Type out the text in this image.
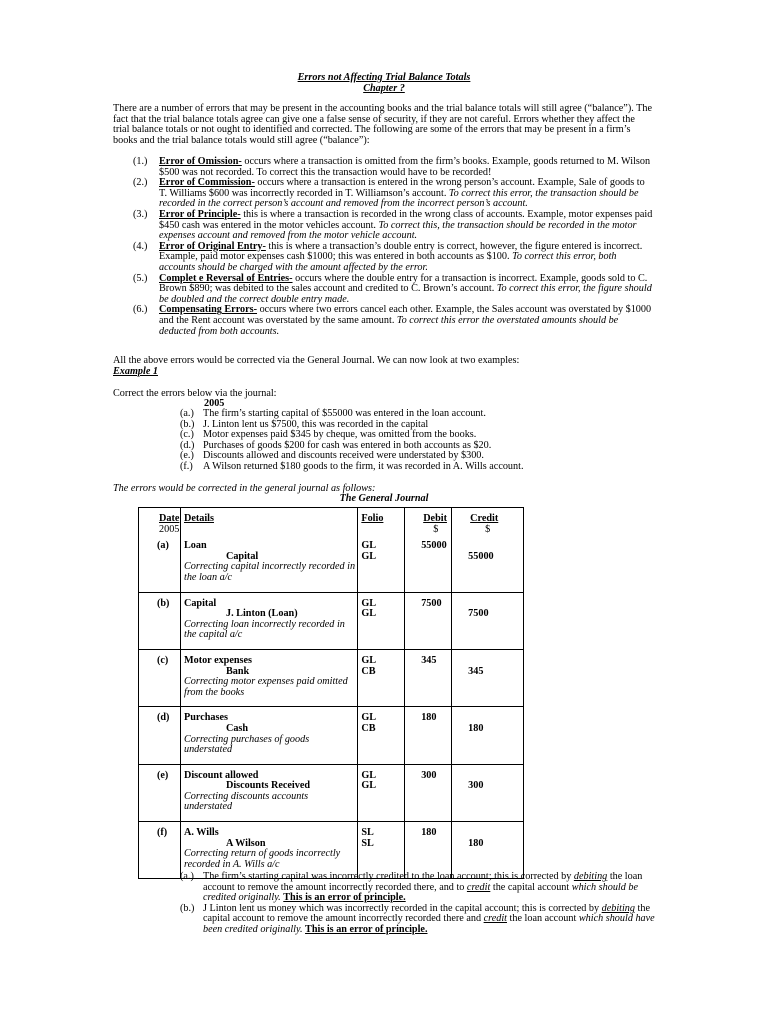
Errors not Affecting Trial Balance Totals
Chapter ?
There are a number of errors that may be present in the accounting books and the trial balance totals will still agree (“balance”). The fact that the trial balance totals agree can give one a false sense of security, if they are not careful. Errors whether they affect the trial balance totals or not ought to identified and corrected. The following are some of the errors that may be present in a firm’s books and the trial balance totals would still agree (“balance”):
(1.) Error of Omission- occurs where a transaction is omitted from the firm’s books. Example, goods returned to M. Wilson $500 was not recorded. To correct this the transaction would have to be recorded!
(2.) Error of Commission- occurs where a transaction is entered in the wrong person’s account. Example, Sale of goods to T. Williams $600 was incorrectly recorded in T. Williamson’s account. To correct this error, the transaction should be recorded in the correct person’s account and removed from the incorrect person’s account.
(3.) Error of Principle- this is where a transaction is recorded in the wrong class of accounts. Example, motor expenses paid $450 cash was entered in the motor vehicles account. To correct this, the transaction should be recorded in the motor expenses account and removed from the motor vehicle account.
(4.) Error of Original Entry- this is where a transaction’s double entry is correct, however, the figure entered is incorrect. Example, paid motor expenses cash $1000; this was entered in both accounts as $100. To correct this error, both accounts should be charged with the amount affected by the error.
(5.) Complet e Reversal of Entries- occurs where the double entry for a transaction is incorrect. Example, goods sold to C. Brown $890; was debited to the sales account and credited to C. Brown’s account. To correct this error, the figure should be doubled and the correct double entry made.
(6.) Compensating Errors- occurs where two errors cancel each other. Example, the Sales account was overstated by $1000 and the Rent account was overstated by the same amount. To correct this error the overstated amounts should be deducted from both accounts.
All the above errors would be corrected via the General Journal. We can now look at two examples:
Example 1
Correct the errors below via the journal:
2005
(a.) The firm’s starting capital of $55000 was entered in the loan account.
(b.) J. Linton lent us $7500, this was recorded in the capital
(c.) Motor expenses paid $345 by cheque, was omitted from the books.
(d.) Purchases of goods $200 for cash was entered in both accounts as $20.
(e.) Discounts allowed and discounts received were understated by $300.
(f.) A Wilson returned $180 goods to the firm, it was recorded in A. Wills account.
The errors would be corrected in the general journal as follows:
The General Journal
Date	Details	Folio	Debit	Credit
2005			$	$

(a)	Loan	GL	55000	
	Capital	GL		55000
	Correcting capital incorrectly recorded in the loan a/c			

(b)	Capital	GL	7500	
	J. Linton (Loan)	GL		7500
	Correcting loan incorrectly recorded in the capital a/c			

(c)	Motor expenses	GL	345	
	Bank	CB		345
	Correcting motor expenses paid omitted from the books			

(d)	Purchases	GL	180	
	Cash	CB		180
	Correcting purchases of goods understated			

(e)	Discount allowed	GL	300	
	Discounts Received	GL		300
	Correcting discounts accounts understated			

(f)	A. Wills	SL	180	
	A Wilson	SL		180
	Correcting return of goods incorrectly recorded in A. Wills a/c			
(a.) The firm’s starting capital was incorrectly credited to the loan account; this is corrected by debiting the loan account to remove the amount incorrectly recorded there, and to credit the capital account which should be credited originally. This is an error of principle.
(b.) J Linton lent us money which was incorrectly recorded in the capital account; this is corrected by debiting the capital account to remove the amount incorrectly recorded there and credit the loan account which should have been credited originally. This is an error of principle.
